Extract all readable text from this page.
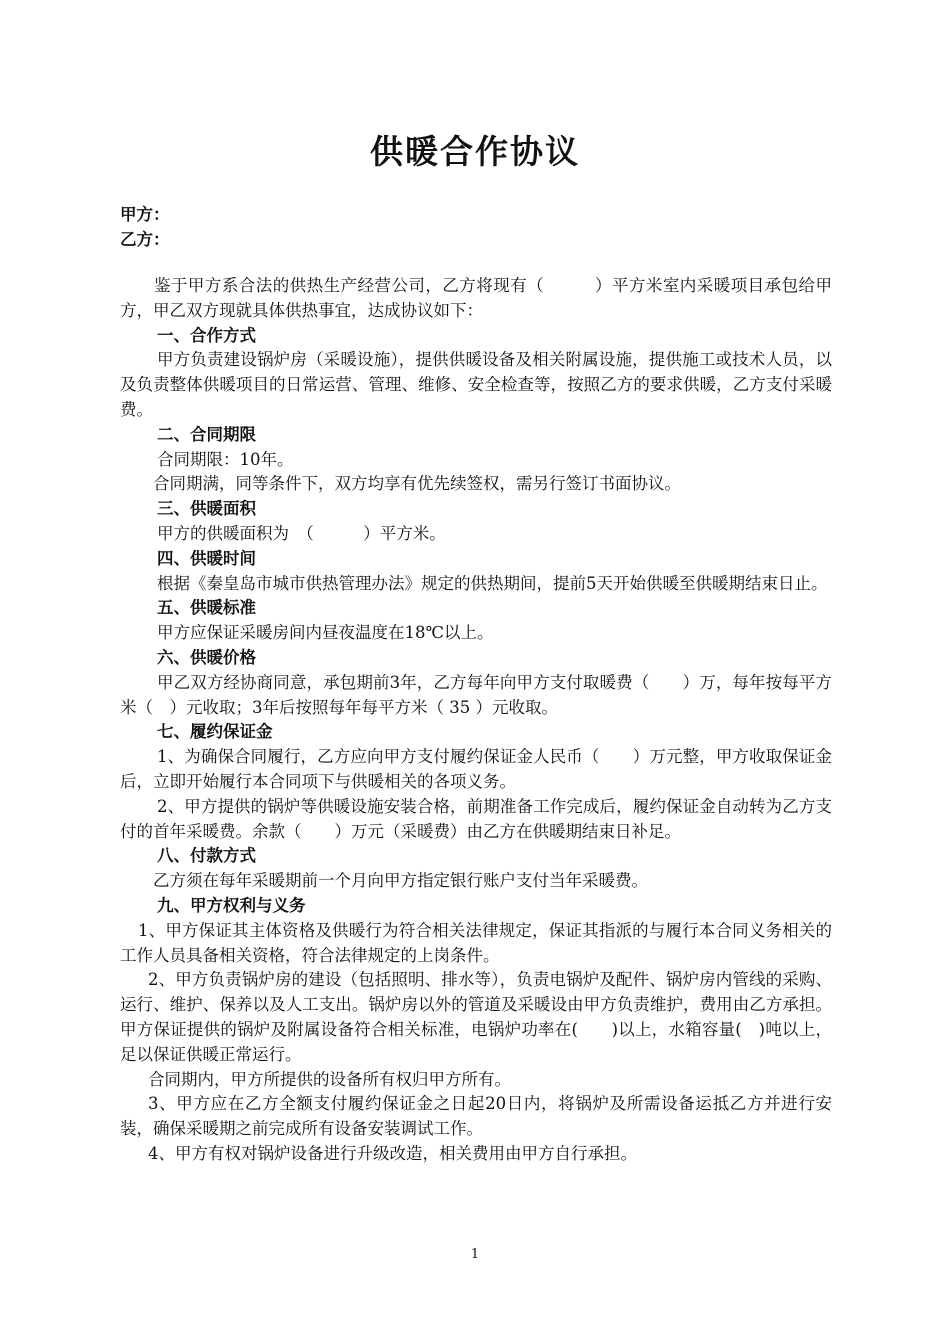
供暖合作协议
甲方：
乙方：

鉴于甲方系合法的供热生产经营公司，乙方将现有（　　　）平方米室内采暖项目承包给甲方，甲乙双方现就具体供热事宜，达成协议如下：

一、合作方式

甲方负责建设锅炉房（采暖设施），提供供暖设备及相关附属设施，提供施工或技术人员，以及负责整体供暖项目的日常运营、管理、维修、安全检查等，按照乙方的要求供暖，乙方支付采暖费。

二、合同期限

合同期限：10年。

合同期满，同等条件下，双方均享有优先续签权，需另行签订书面协议。

三、供暖面积

甲方的供暖面积为　（　　　）平方米。

四、供暖时间

根据《秦皇岛市城市供热管理办法》规定的供热期间，提前5天开始供暖至供暖期结束日止。

五、供暖标准

甲方应保证采暖房间内昼夜温度在18℃以上。

六、供暖价格

甲乙双方经协商同意，承包期前3年，乙方每年向甲方支付取暖费（　　）万，每年按每平方米（　）元收取；3年后按照每年每平方米（ 35 ）元收取。

七、履约保证金

1、为确保合同履行，乙方应向甲方支付履约保证金人民币（　　）万元整，甲方收取保证金后，立即开始履行本合同项下与供暖相关的各项义务。

2、甲方提供的锅炉等供暖设施安装合格，前期准备工作完成后，履约保证金自动转为乙方支付的首年采暖费。余款（　　）万元（采暖费）由乙方在供暖期结束日补足。

八、付款方式

乙方须在每年采暖期前一个月向甲方指定银行账户支付当年采暖费。

九、甲方权利与义务

1、甲方保证其主体资格及供暖行为符合相关法律规定，保证其指派的与履行本合同义务相关的工作人员具备相关资格，符合法律规定的上岗条件。

2、甲方负责锅炉房的建设（包括照明、排水等），负责电锅炉及配件、锅炉房内管线的采购、运行、维护、保养以及人工支出。锅炉房以外的管道及采暖设由甲方负责维护，费用由乙方承担。甲方保证提供的锅炉及附属设备符合相关标准，电锅炉功率在(　　)以上，水箱容量(　)吨以上，足以保证供暖正常运行。

合同期内，甲方所提供的设备所有权归甲方所有。

3、甲方应在乙方全额支付履约保证金之日起20日内，将锅炉及所需设备运抵乙方并进行安装，确保采暖期之前完成所有设备安装调试工作。

4、甲方有权对锅炉设备进行升级改造，相关费用由甲方自行承担。

1
